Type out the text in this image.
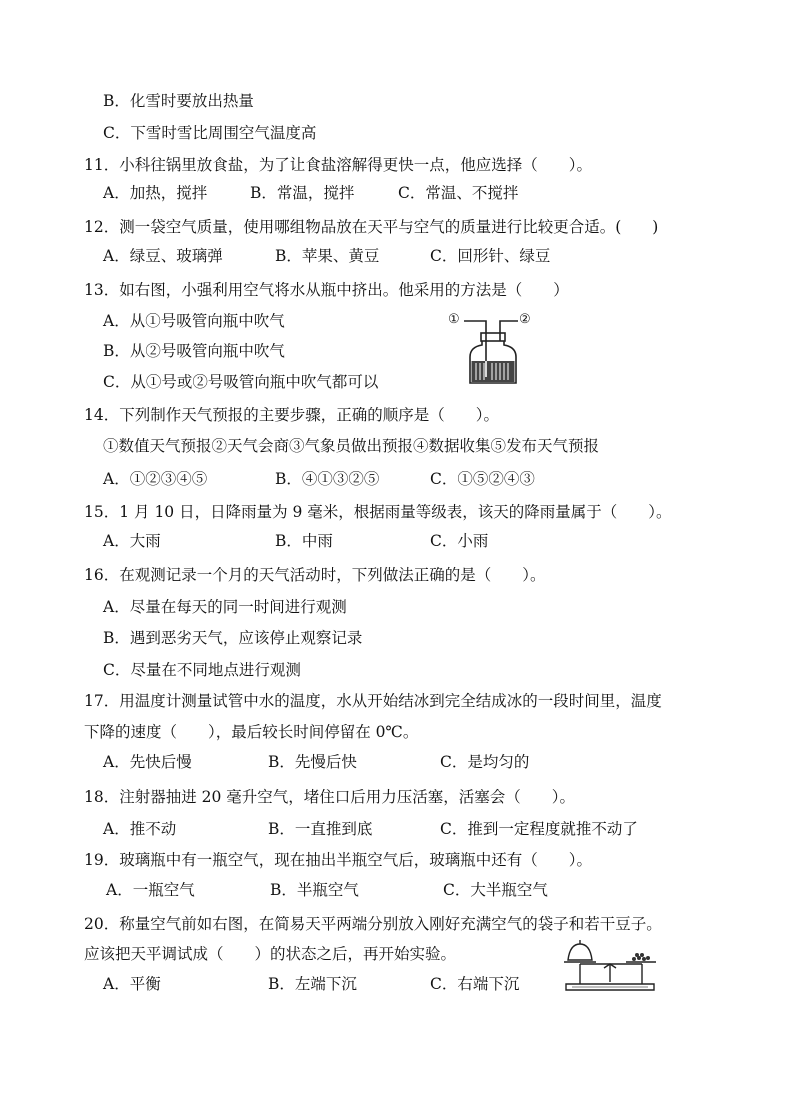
B．化雪时要放出热量
C．下雪时雪比周围空气温度高
11．小科往锅里放食盐，为了让食盐溶解得更快一点，他应选择（　　）。
A．加热，搅拌	B．常温，搅拌	C．常温、不搅拌
12．测一袋空气质量，使用哪组物品放在天平与空气的质量进行比较更合适。(　　)
A．绿豆、玻璃弹	B．苹果、黄豆	C．回形针、绿豆
13．如右图，小强利用空气将水从瓶中挤出。他采用的方法是（　　）
A．从①号吸管向瓶中吹气
B．从②号吸管向瓶中吹气
C．从①号或②号吸管向瓶中吹气都可以
①	②
14．下列制作天气预报的主要步骤，正确的顺序是（　　）。
①数值天气预报②天气会商③气象员做出预报④数据收集⑤发布天气预报
A．①②③④⑤	B．④①③②⑤	C．①⑤②④③
15．1 月 10 日，日降雨量为 9 毫米，根据雨量等级表，该天的降雨量属于（　　）。
A．大雨	B．中雨	C．小雨
16．在观测记录一个月的天气活动时，下列做法正确的是（　　）。
A．尽量在每天的同一时间进行观测
B．遇到恶劣天气，应该停止观察记录
C．尽量在不同地点进行观测
17．用温度计测量试管中水的温度，水从开始结冰到完全结成冰的一段时间里，温度
下降的速度（　　），最后较长时间停留在 0℃。
A．先快后慢	B．先慢后快	C．是均匀的
18．注射器抽进 20 毫升空气，堵住口后用力压活塞，活塞会（　　）。
A．推不动	B．一直推到底	C．推到一定程度就推不动了
19．玻璃瓶中有一瓶空气，现在抽出半瓶空气后，玻璃瓶中还有（　　）。
A．一瓶空气	B．半瓶空气	C．大半瓶空气
20．称量空气前如右图，在简易天平两端分别放入刚好充满空气的袋子和若干豆子。
应该把天平调试成（　　）的状态之后，再开始实验。
A．平衡	B．左端下沉	C．右端下沉
